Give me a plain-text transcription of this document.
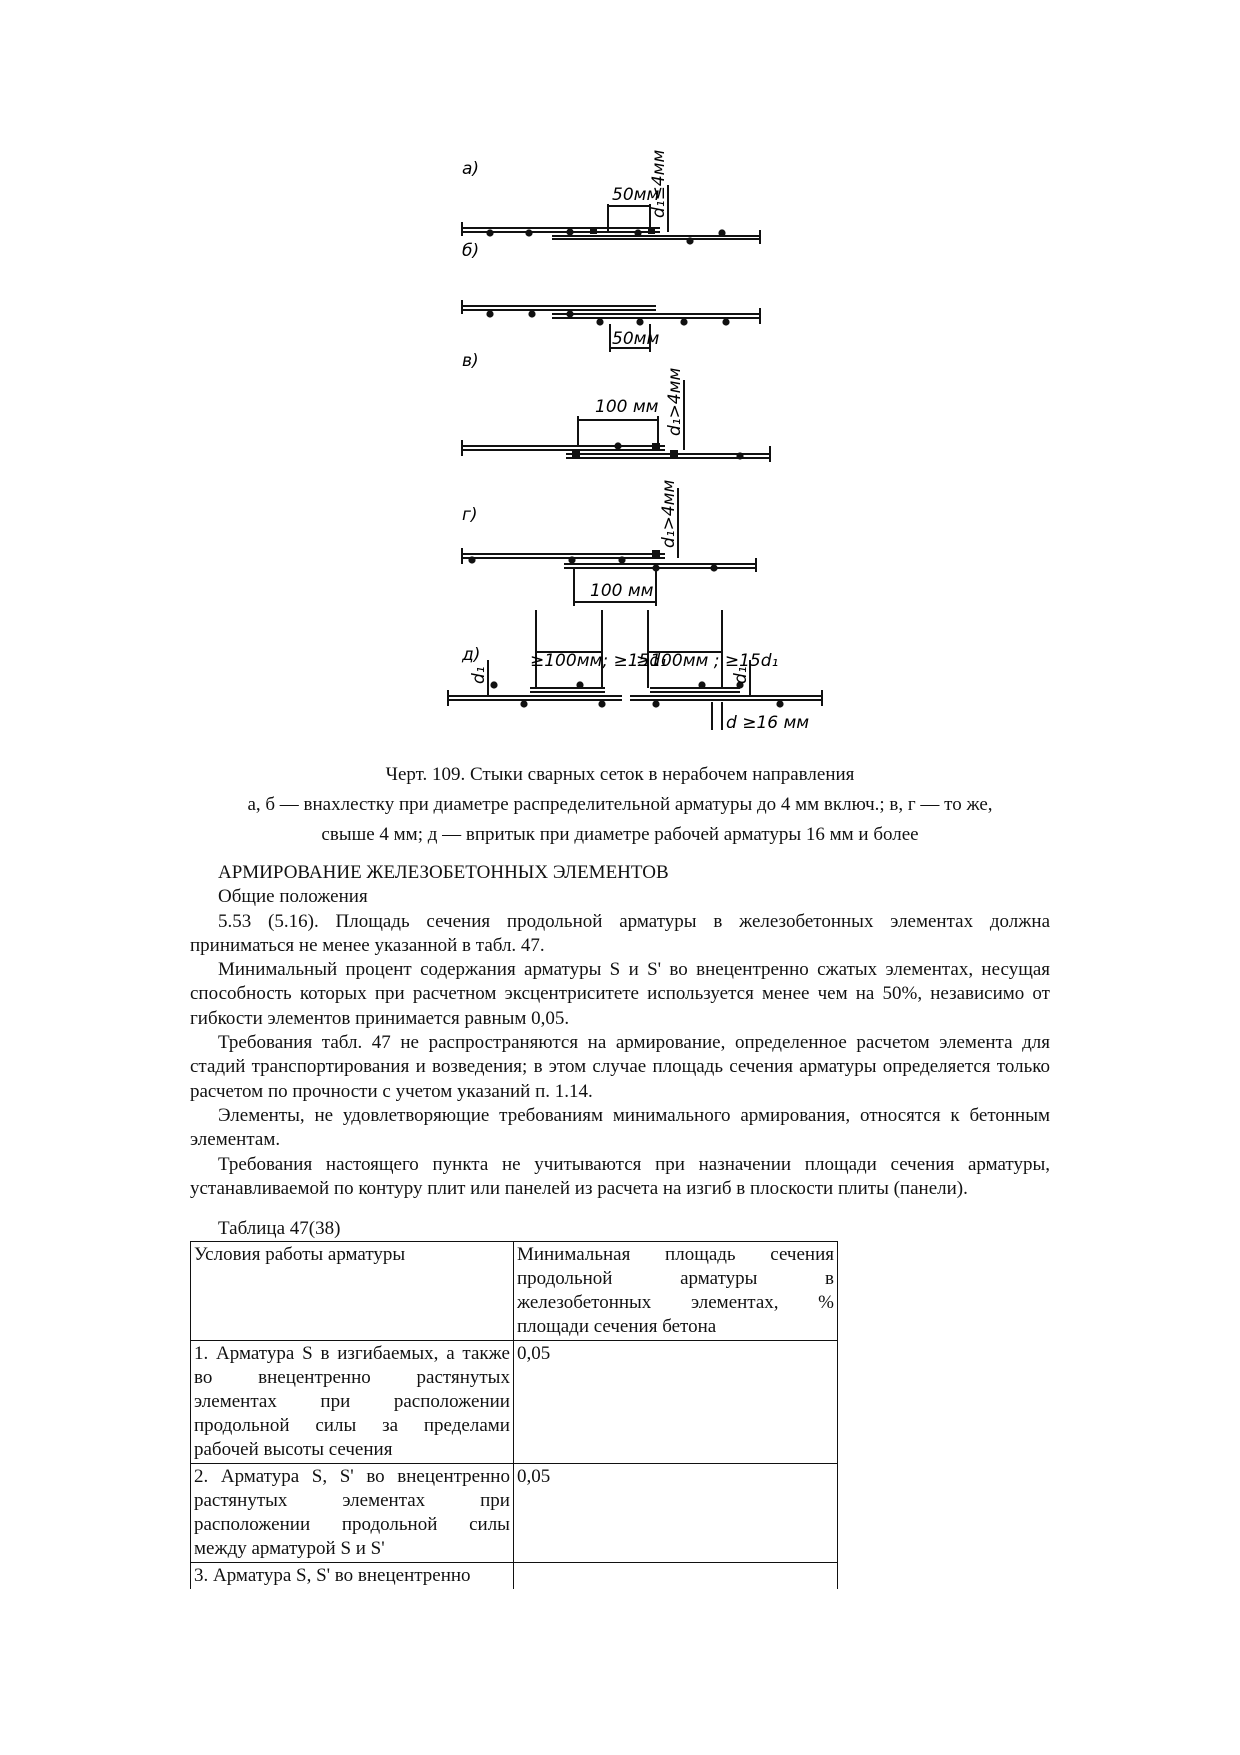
а)
50мм
d₁≤4мм
б)
50мм
в)
100 мм d₁>4мм
г)
100 мм
d₁>4мм
д)	≥100мм; ≥15d₁
≥100мм ; ≥15d₁
d₁	d₁
d ≥16 мм
Черт. 109. Стыки сварных сеток в нерабочем направления
а, б — внахлестку при диаметре распределительной арматуры до 4 мм включ.; в, г — то же,
свыше 4 мм; д — впритык при диаметре рабочей арматуры 16 мм и более

АРМИРОВАНИЕ ЖЕЛЕЗОБЕТОННЫХ ЭЛЕМЕНТОВ

Общие положения

5.53 (5.16). Площадь сечения продольной арматуры в железобетонных элементах должна приниматься не менее указанной в табл. 47.

Минимальный процент содержания арматуры S и S' во внецентренно сжатых элементах, несущая способность которых при расчетном эксцентриситете используется менее чем на 50%, независимо от гибкости элементов принимается равным 0,05.

Требования табл. 47 не распространяются на армирование, определенное расчетом элемента для стадий транспортирования и возведения; в этом случае площадь сечения арматуры определяется только расчетом по прочности с учетом указаний п. 1.14.

Элементы, не удовлетворяющие требованиям минимального армирования, относятся к бетонным элементам.

Требования настоящего пункта не учитываются при назначении площади сечения арматуры, устанавливаемой по контуру плит или панелей из расчета на изгиб в плоскости плиты (панели).

Таблица 47(38)
Условия работы арматуры	Минимальная площадь сечения продольной арматуры в железобетонных элементах, % площади сечения бетона
1. Арматура S в изгибаемых, а также во внецентренно растянутых элементах при расположении продольной силы за пределами рабочей высоты сечения	0,05
2. Арматура S, S' во внецентренно растянутых элементах при расположении продольной силы между арматурой S и S'	0,05
3. Арматура S, S' во внецентренно	
